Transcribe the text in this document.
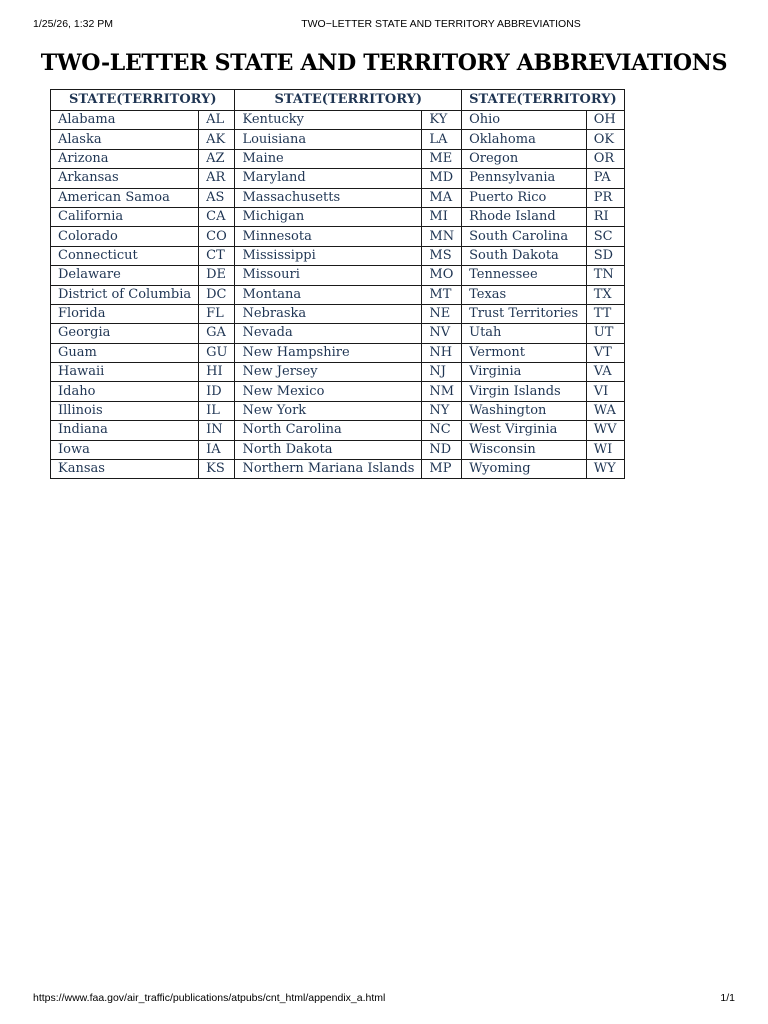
1/25/26, 1:32 PM	TWO−LETTER STATE AND TERRITORY ABBREVIATIONS
TWO-LETTER STATE AND TERRITORY ABBREVIATIONS
STATE(TERRITORY)		STATE(TERRITORY)		STATE(TERRITORY)	
Alabama	AL	Kentucky	KY	Ohio	OH
Alaska	AK	Louisiana	LA	Oklahoma	OK
Arizona	AZ	Maine	ME	Oregon	OR
Arkansas	AR	Maryland	MD	Pennsylvania	PA
American Samoa	AS	Massachusetts	MA	Puerto Rico	PR
California	CA	Michigan	MI	Rhode Island	RI
Colorado	CO	Minnesota	MN	South Carolina	SC
Connecticut	CT	Mississippi	MS	South Dakota	SD
Delaware	DE	Missouri	MO	Tennessee	TN
District of Columbia	DC	Montana	MT	Texas	TX
Florida	FL	Nebraska	NE	Trust Territories	TT
Georgia	GA	Nevada	NV	Utah	UT
Guam	GU	New Hampshire	NH	Vermont	VT
Hawaii	HI	New Jersey	NJ	Virginia	VA
Idaho	ID	New Mexico	NM	Virgin Islands	VI
Illinois	IL	New York	NY	Washington	WA
Indiana	IN	North Carolina	NC	West Virginia	WV
Iowa	IA	North Dakota	ND	Wisconsin	WI
Kansas	KS	Northern Mariana Islands	MP	Wyoming	WY
https://www.faa.gov/air_traffic/publications/atpubs/cnt_html/appendix_a.html	1/1
